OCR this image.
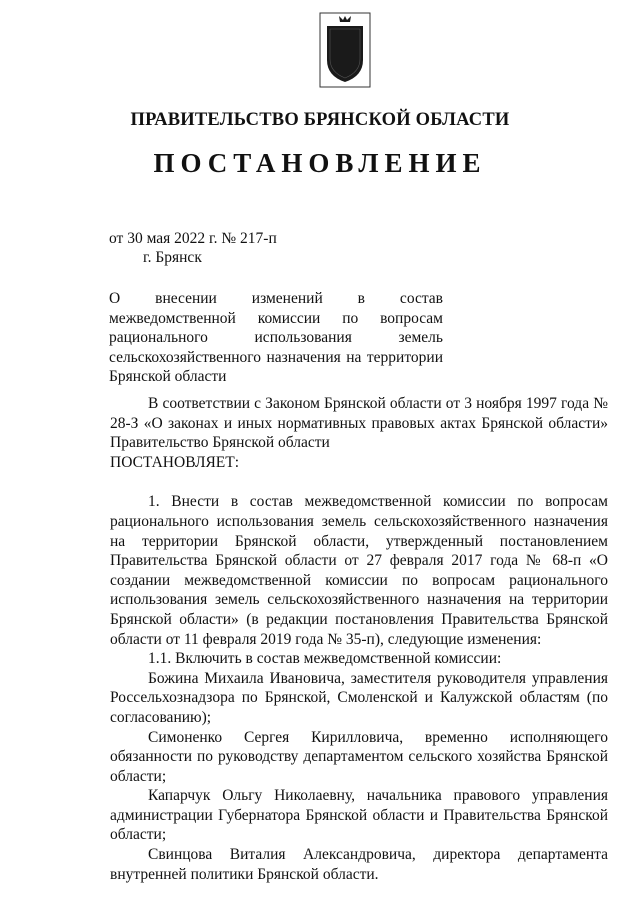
ПРАВИТЕЛЬСТВО БРЯНСКОЙ ОБЛАСТИ
ПОСТАНОВЛЕНИЕ
от 30 мая 2022 г. № 217-п
г. Брянск
О внесении изменений в состав межведомственной комиссии по вопросам рационального использования земель сельскохозяйственного назначения на территории Брянской области

В соответствии с Законом Брянской области от 3 ноября 1997 года № 28-З «О законах и иных нормативных правовых актах Брянской области» Правительство Брянской области

ПОСТАНОВЛЯЕТ:

1. Внести в состав межведомственной комиссии по вопросам рационального использования земель сельскохозяйственного назначения на территории Брянской области, утвержденный постановлением Правительства Брянской области от 27 февраля 2017 года № 68-п «О создании межведомственной комиссии по вопросам рационального использования земель сельскохозяйственного назначения на территории Брянской области» (в редакции постановления Правительства Брянской области от 11 февраля 2019 года № 35-п), следующие изменения:

1.1. Включить в состав межведомственной комиссии:

Божина Михаила Ивановича, заместителя руководителя управления Россельхознадзора по Брянской, Смоленской и Калужской областям (по согласованию);

Симоненко Сергея Кирилловича, временно исполняющего обязанности по руководству департаментом сельского хозяйства Брянской области;

Капарчук Ольгу Николаевну, начальника правового управления администрации Губернатора Брянской области и Правительства Брянской области;

Свинцова Виталия Александровича, директора департамента внутренней политики Брянской области.
